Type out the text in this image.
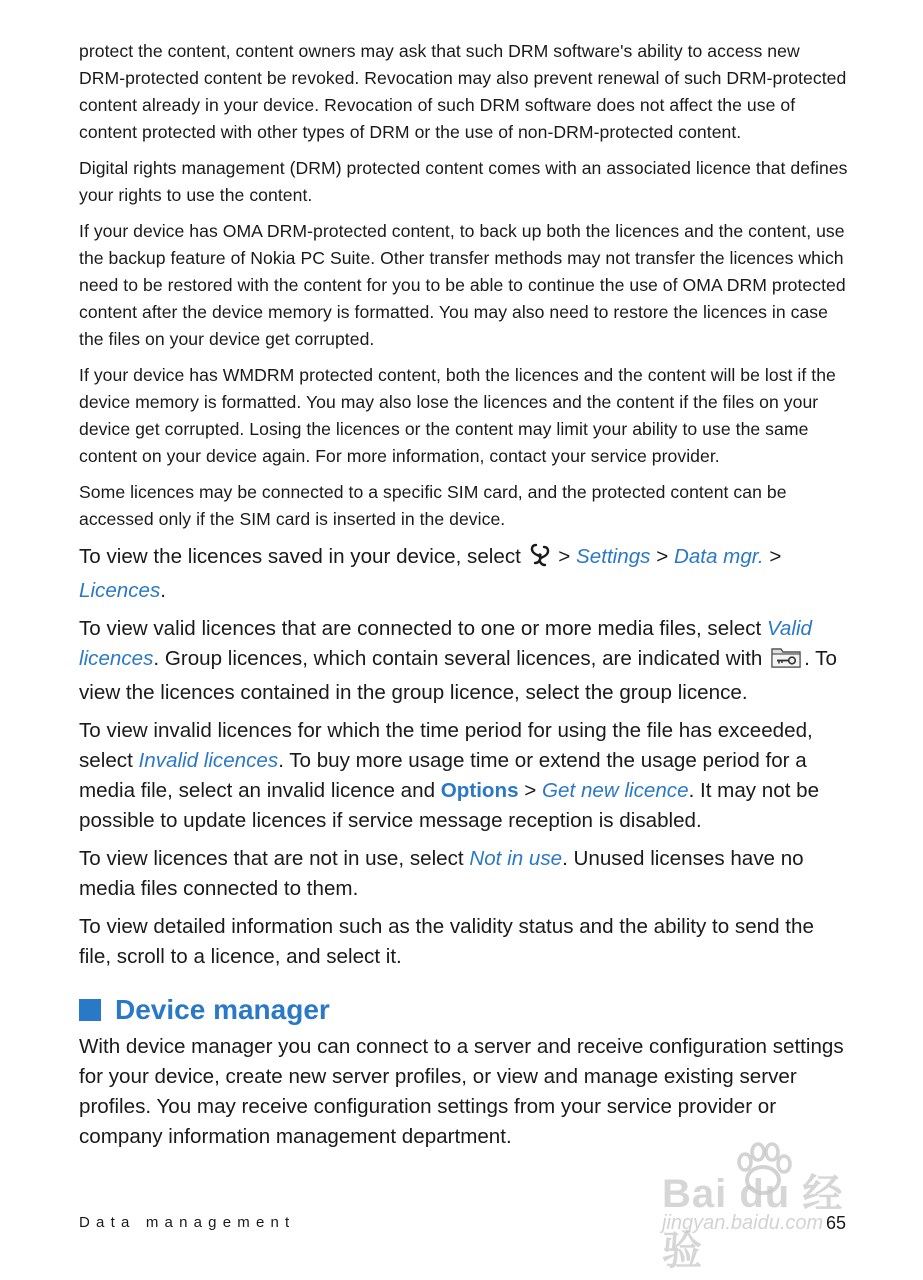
protect the content, content owners may ask that such DRM software's ability to access new DRM-protected content be revoked. Revocation may also prevent renewal of such DRM-protected content already in your device. Revocation of such DRM software does not affect the use of content protected with other types of DRM or the use of non-DRM-protected content.

Digital rights management (DRM) protected content comes with an associated licence that defines your rights to use the content.

If your device has OMA DRM-protected content, to back up both the licences and the content, use the backup feature of Nokia PC Suite. Other transfer methods may not transfer the licences which need to be restored with the content for you to be able to continue the use of OMA DRM protected content after the device memory is formatted. You may also need to restore the licences in case the files on your device get corrupted.

If your device has WMDRM protected content, both the licences and the content will be lost if the device memory is formatted. You may also lose the licences and the content if the files on your device get corrupted. Losing the licences or the content may limit your ability to use the same content on your device again. For more information, contact your service provider.

Some licences may be connected to a specific SIM card, and the protected content can be accessed only if the SIM card is inserted in the device.

To view the licences saved in your device, select  > Settings > Data mgr. > Licences.

To view valid licences that are connected to one or more media files, select Valid licences. Group licences, which contain several licences, are indicated with . To view the licences contained in the group licence, select the group licence.

To view invalid licences for which the time period for using the file has exceeded, select Invalid licences. To buy more usage time or extend the usage period for a media file, select an invalid licence and Options > Get new licence. It may not be possible to update licences if service message reception is disabled.

To view licences that are not in use, select Not in use. Unused licenses have no media files connected to them.

To view detailed information such as the validity status and the ability to send the file, scroll to a licence, and select it.

Device manager

With device manager you can connect to a server and receive configuration settings for your device, create new server profiles, or view and manage existing server profiles. You may receive configuration settings from your service provider or company information management department.

Bai du 经验
jingyan.baidu.com
Data management	65
